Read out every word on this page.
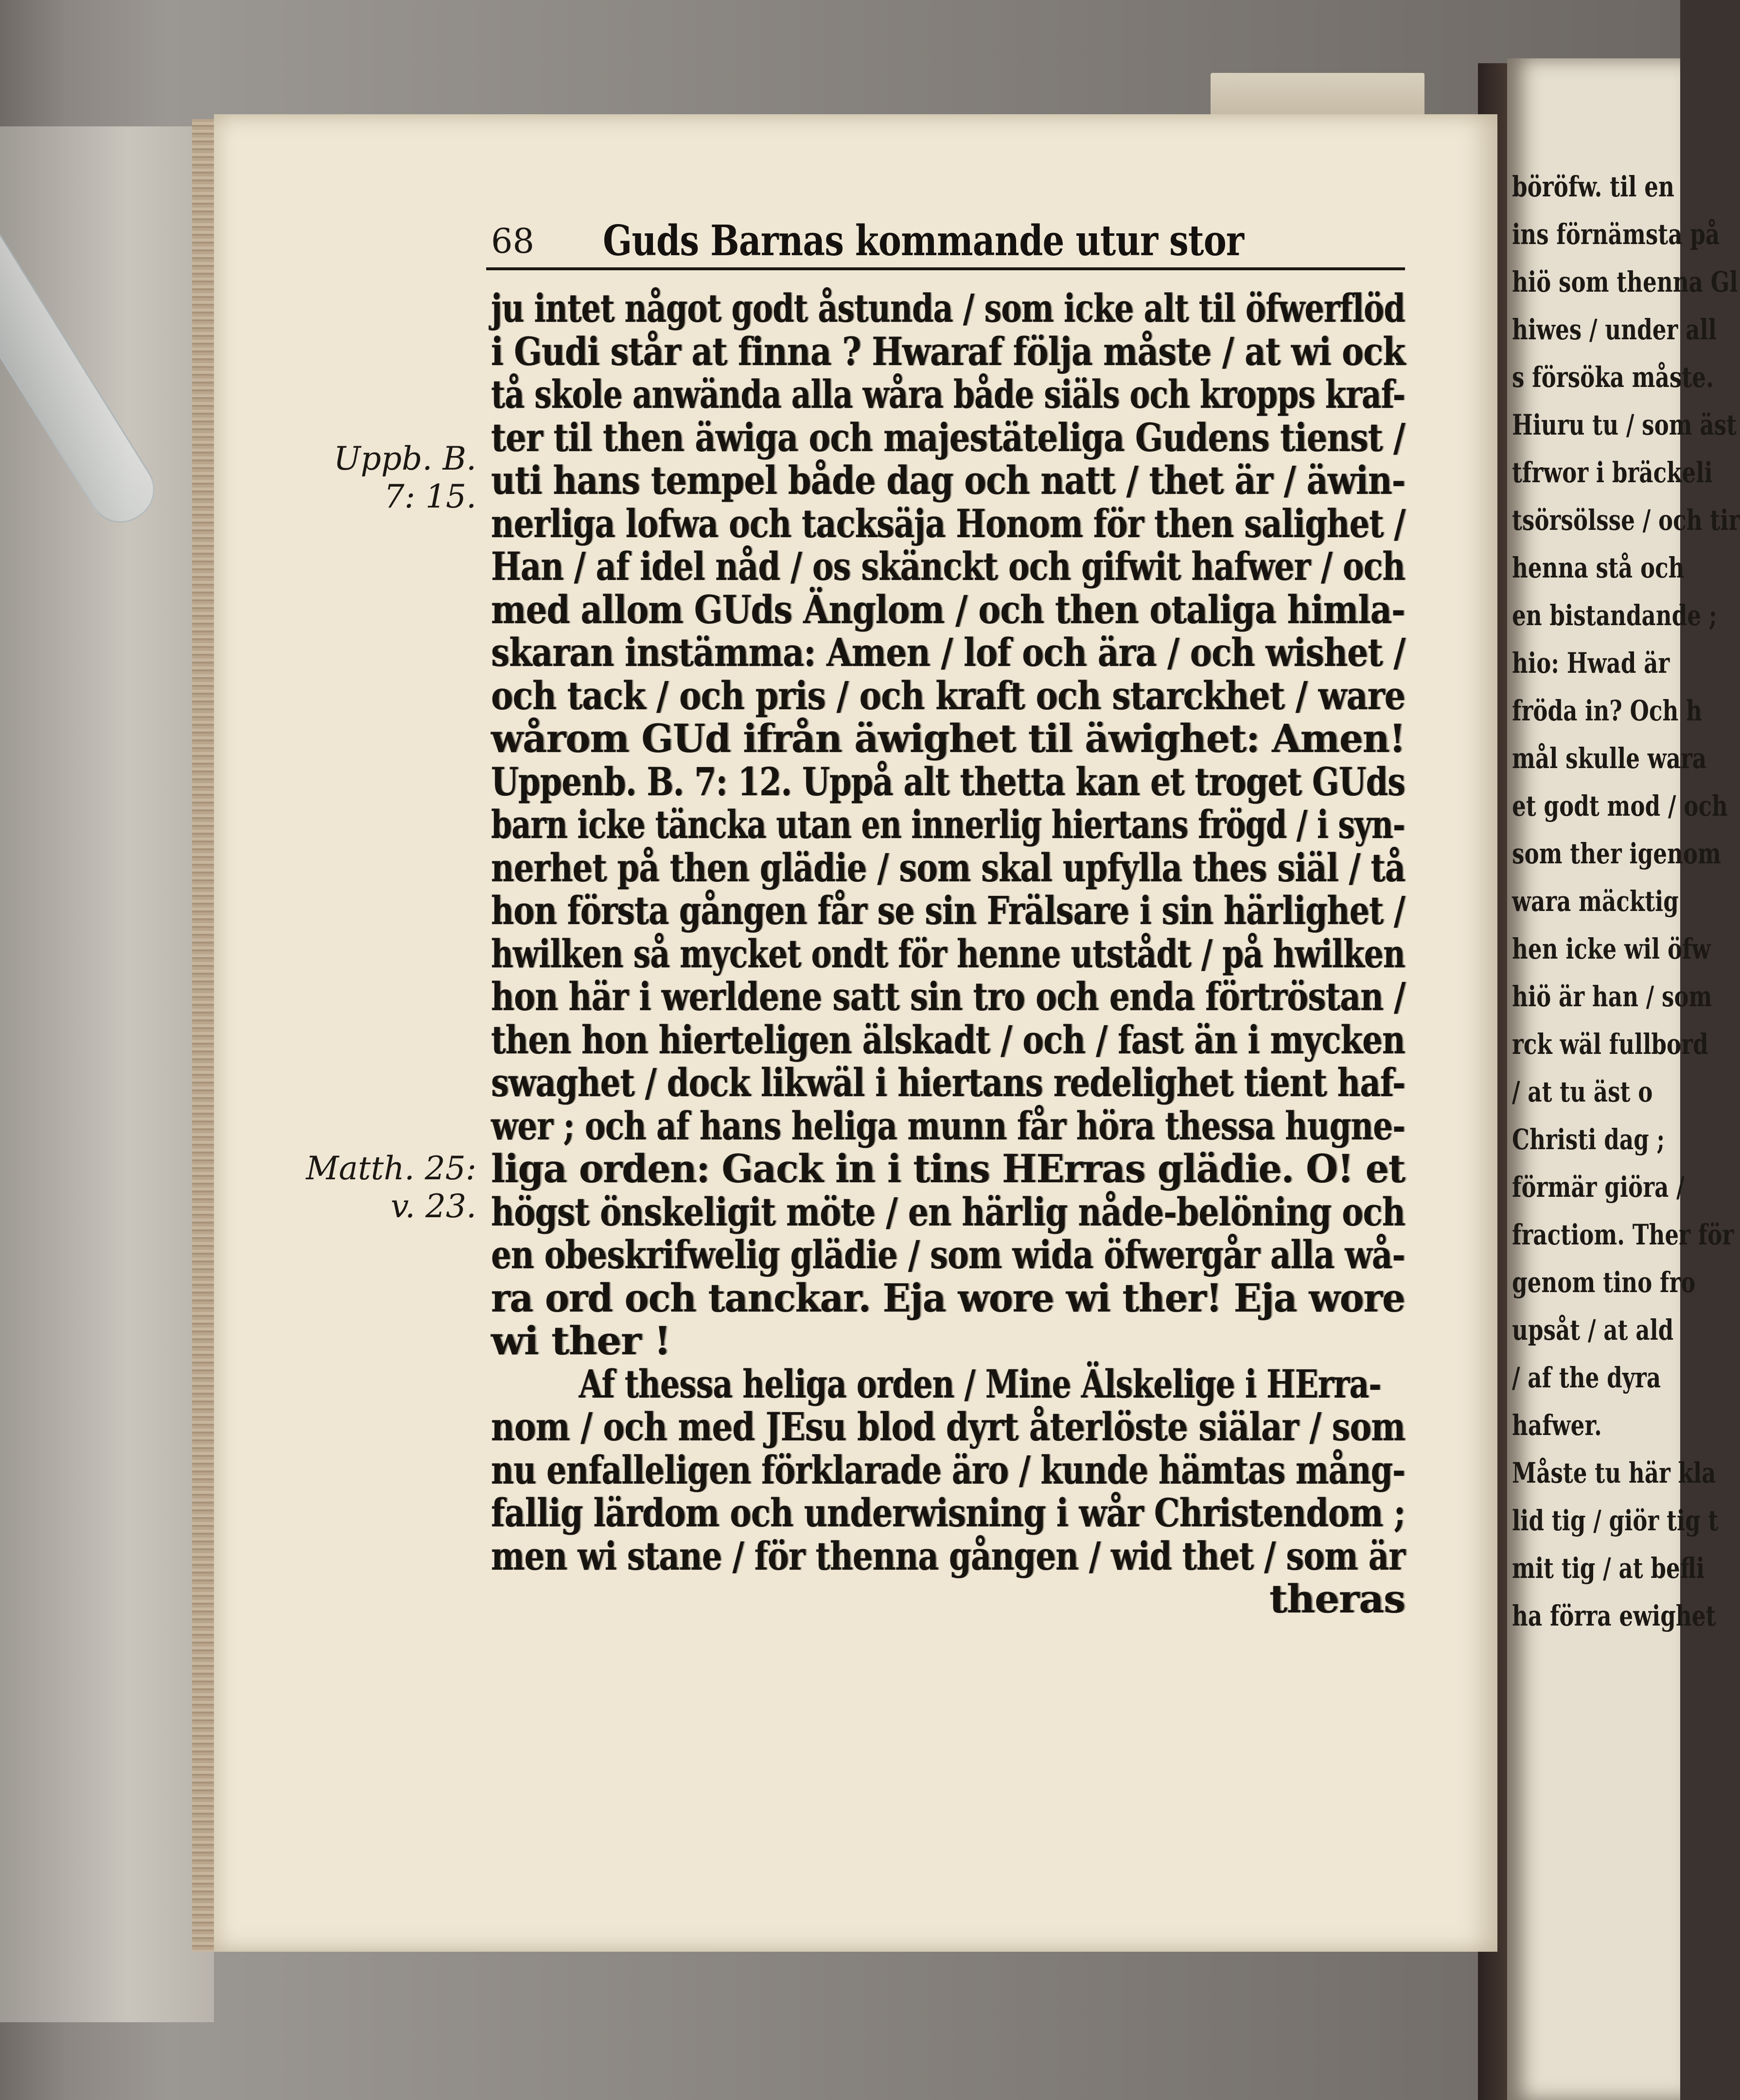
böröfw. til en
ins förnämsta på
hiö som thenna Gl
hiwes / under all
s försöka måste.
Hiuru tu / som äst
tfrwor i bräckeli
tsörsölsse / och tir
henna stå och
en bistandande ;
hio: Hwad är
fröda in? Och h
mål skulle wara
et godt mod / och
som ther igenom
wara mäcktig
hen icke wil öfw
hiö är han / som
rck wäl fullbord
/ at tu äst o
Christi dag ;
förmär giöra /
fractiom. Ther för
genom tino fro
upsåt / at ald
/ af the dyra
hafwer.
Måste tu här kla
lid tig / giör tig t
mit tig / at befli
ha förra ewighet
68 Guds Barnas kommande utur stor
Uppb. B. 7: 15.
Matth. 25: v. 23.
ju intet något godt åstunda / som icke alt til öfwerflöd
i Gudi står at finna ? Hwaraf följa måste / at wi ock
tå skole anwända alla wåra både siäls och kropps kraf-
ter til then äwiga och majestäteliga Gudens tienst /
uti hans tempel både dag och natt / thet är / äwin-
nerliga lofwa och tacksäja Honom för then salighet /
Han / af idel nåd / os skänckt och gifwit hafwer / och
med allom GUds Änglom / och then otaliga himla-
skaran instämma: Amen / lof och ära / och wishet /
och tack / och pris / och kraft och starckhet / ware
wårom GUd ifrån äwighet til äwighet: Amen!
Uppenb. B. 7: 12. Uppå alt thetta kan et troget GUds
barn icke täncka utan en innerlig hiertans frögd / i syn-
nerhet på then glädie / som skal upfylla thes siäl / tå
hon första gången får se sin Frälsare i sin härlighet /
hwilken så mycket ondt för henne utstådt / på hwilken
hon här i werldene satt sin tro och enda förtröstan /
then hon hierteligen älskadt / och / fast än i mycken
swaghet / dock likwäl i hiertans redelighet tient haf-
wer ; och af hans heliga munn får höra thessa hugne-
liga orden: Gack in i tins HErras glädie. O! et
högst önskeligit möte / en härlig nåde-belöning och
en obeskrifwelig glädie / som wida öfwergår alla wå-
ra ord och tanckar. Eja wore wi ther! Eja wore
wi ther !
Af thessa heliga orden / Mine Älskelige i HErra-
nom / och med JEsu blod dyrt återlöste siälar / som
nu enfalleligen förklarade äro / kunde hämtas mång-
fallig lärdom och underwisning i wår Christendom ;
men wi stane / för thenna gången / wid thet / som är
theras
